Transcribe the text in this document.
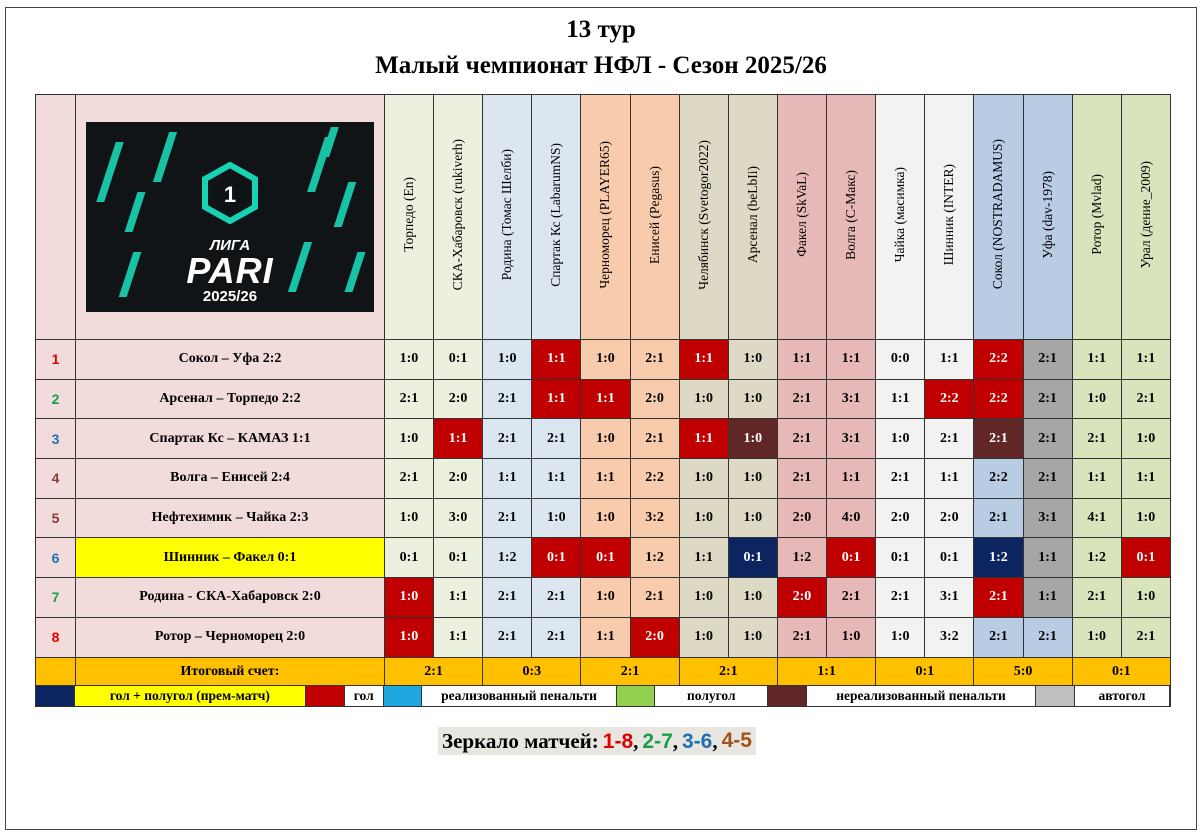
13 тур
Малый чемпионат НФЛ - Сезон 2025/26

1
ЛИГА
PARI
2025/26	Торпедо (En)	СКА-Хабаровск (rukiverh)	Родина (Томас Шелби)	Спартак Кс (LabarumNS)	Черноморец (PLAYER65)	Енисей (Pegasus)	Челябинск (Svetogor2022)	Арсенал (beLbIi)	Факел (SkVaL)	Волга (C-Макс)	Чайка (масимка)	Шинник (INTER)	Сокол (NOSTRADAMUS)	Уфа (dav-1978)	Ротор (Mvlad)	Урал (дение_2009)
1	Сокол – Уфа 2:2	1:0	0:1	1:0	1:1	1:0	2:1	1:1	1:0	1:1	1:1	0:0	1:1	2:2	2:1	1:1	1:1
2	Арсенал – Торпедо 2:2	2:1	2:0	2:1	1:1	1:1	2:0	1:0	1:0	2:1	3:1	1:1	2:2	2:2	2:1	1:0	2:1
3	Спартак Кс – КАМАЗ 1:1	1:0	1:1	2:1	2:1	1:0	2:1	1:1	1:0	2:1	3:1	1:0	2:1	2:1	2:1	2:1	1:0
4	Волга – Енисей 2:4	2:1	2:0	1:1	1:1	1:1	2:2	1:0	1:0	2:1	1:1	2:1	1:1	2:2	2:1	1:1	1:1
5	Нефтехимик – Чайка 2:3	1:0	3:0	2:1	1:0	1:0	3:2	1:0	1:0	2:0	4:0	2:0	2:0	2:1	3:1	4:1	1:0
6	Шинник – Факел 0:1	0:1	0:1	1:2	0:1	0:1	1:2	1:1	0:1	1:2	0:1	0:1	0:1	1:2	1:1	1:2	0:1
7	Родина - СКА-Хабаровск 2:0	1:0	1:1	2:1	2:1	1:0	2:1	1:0	1:0	2:0	2:1	2:1	3:1	2:1	1:1	2:1	1:0
8	Ротор – Черноморец 2:0	1:0	1:1	2:1	2:1	1:1	2:0	1:0	1:0	2:1	1:0	1:0	3:2	2:1	2:1	1:0	2:1
	Итоговый счет:	2:1		0:3		2:1		2:1		1:1		0:1		5:0		0:1	
гол + полугол (прем-матч)	гол	реализованный пенальти	полугол	нереализованный пенальти	автогол
Зеркало матчей: 1-8, 2-7, 3-6, 4-5
